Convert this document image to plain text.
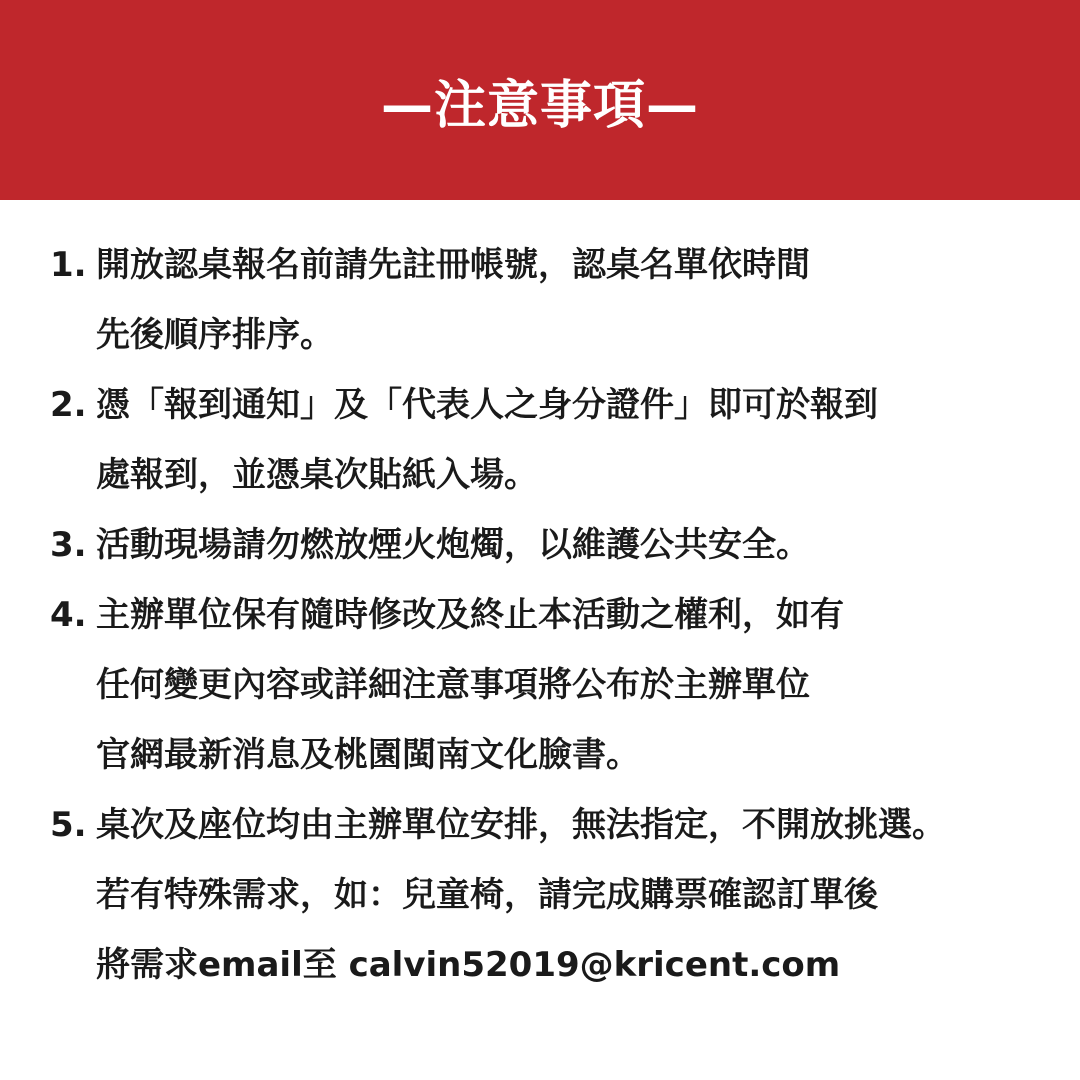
—注意事項—
1. 開放認桌報名前請先註冊帳號，認桌名單依時間
先後順序排序。
2. 憑「報到通知」及「代表人之身分證件」即可於報到
處報到，並憑桌次貼紙入場。
3. 活動現場請勿燃放煙火炮燭，以維護公共安全。
4. 主辦單位保有隨時修改及終止本活動之權利，如有
任何變更內容或詳細注意事項將公布於主辦單位
官網最新消息及桃園閩南文化臉書。
5. 桌次及座位均由主辦單位安排，無法指定，不開放挑選。
若有特殊需求，如：兒童椅，請完成購票確認訂單後
將需求email至 calvin52019@kricent.com
